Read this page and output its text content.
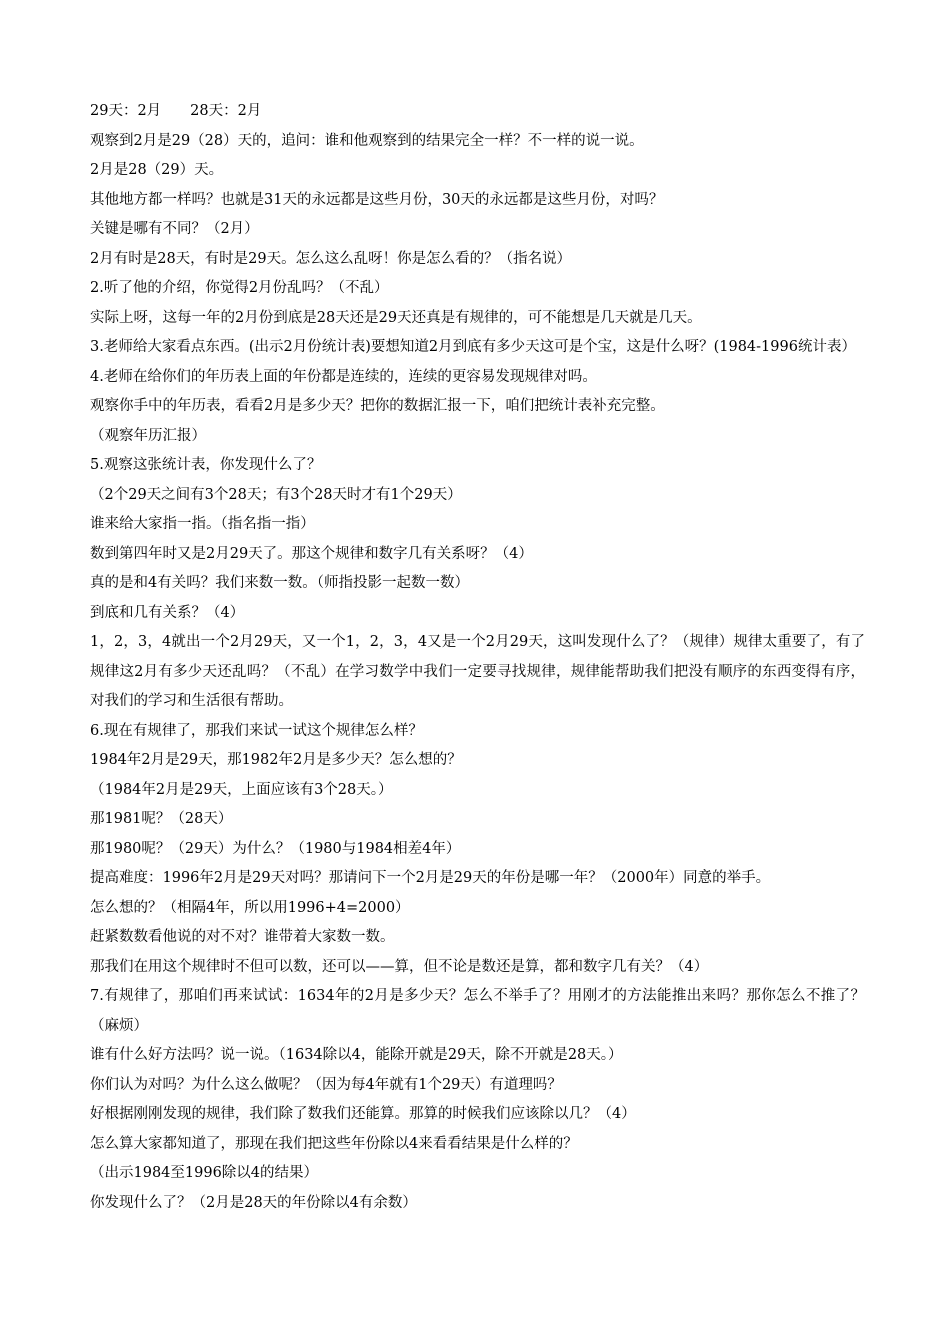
29天：2月　　28天：2月

观察到2月是29（28）天的，追问：谁和他观察到的结果完全一样？不一样的说一说。

2月是28（29）天。

其他地方都一样吗？也就是31天的永远都是这些月份，30天的永远都是这些月份，对吗？

关键是哪有不同？（2月）

2月有时是28天，有时是29天。怎么这么乱呀！你是怎么看的？（指名说）

2.听了他的介绍，你觉得2月份乱吗？（不乱）

实际上呀，这每一年的2月份到底是28天还是29天还真是有规律的，可不能想是几天就是几天。

3.老师给大家看点东西。(出示2月份统计表)要想知道2月到底有多少天这可是个宝，这是什么呀？(1984-1996统计表）

4.老师在给你们的年历表上面的年份都是连续的，连续的更容易发现规律对吗。

观察你手中的年历表，看看2月是多少天？把你的数据汇报一下，咱们把统计表补充完整。

（观察年历汇报）

5.观察这张统计表，你发现什么了？

（2个29天之间有3个28天；有3个28天时才有1个29天）

谁来给大家指一指。（指名指一指）

数到第四年时又是2月29天了。那这个规律和数字几有关系呀？（4）

真的是和4有关吗？我们来数一数。（师指投影一起数一数）

到底和几有关系？（4）

1，2，3，4就出一个2月29天，又一个1，2，3，4又是一个2月29天，这叫发现什么了？（规律）规律太重要了，有了规律这2月有多少天还乱吗？（不乱）在学习数学中我们一定要寻找规律，规律能帮助我们把没有顺序的东西变得有序，对我们的学习和生活很有帮助。

6.现在有规律了，那我们来试一试这个规律怎么样？

1984年2月是29天，那1982年2月是多少天？怎么想的？

（1984年2月是29天，上面应该有3个28天。）

那1981呢？（28天）

那1980呢？（29天）为什么？（1980与1984相差4年）

提高难度：1996年2月是29天对吗？那请问下一个2月是29天的年份是哪一年？（2000年）同意的举手。

怎么想的？（相隔4年，所以用1996+4=2000）

赶紧数数看他说的对不对？谁带着大家数一数。

那我们在用这个规律时不但可以数，还可以——算，但不论是数还是算，都和数字几有关？（4）

7.有规律了，那咱们再来试试：1634年的2月是多少天？怎么不举手了？用刚才的方法能推出来吗？那你怎么不推了？（麻烦）

谁有什么好方法吗？说一说。（1634除以4，能除开就是29天，除不开就是28天。）

你们认为对吗？为什么这么做呢？（因为每4年就有1个29天）有道理吗？

好根据刚刚发现的规律，我们除了数我们还能算。那算的时候我们应该除以几？（4）

怎么算大家都知道了，那现在我们把这些年份除以4来看看结果是什么样的？

（出示1984至1996除以4的结果）

你发现什么了？（2月是28天的年份除以4有余数）
